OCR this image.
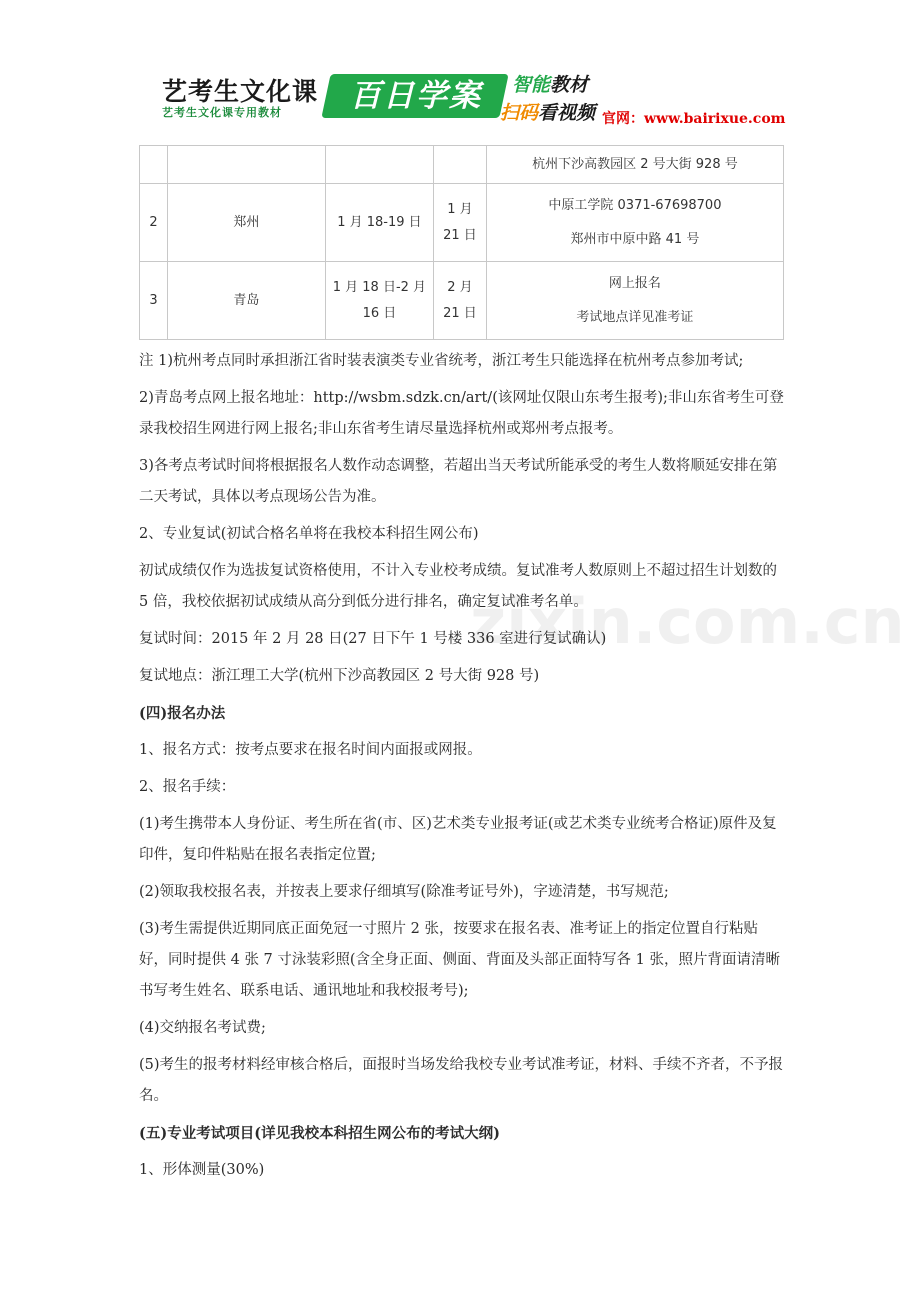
艺考生文化课
艺考生文化课专用教材	百日学案	智能教材
扫码看视频 官网：www.bairixue.com

				杭州下沙高教园区 2 号大街 928 号

2	郑州	1 月 18-19 日	1 月 21 日	中原工学院 0371-67698700
郑州市中原中路 41 号

3	青岛	1 月 18 日-2 月 16 日	2 月 21 日	网上报名
考试地点详见准考证

注 1)杭州考点同时承担浙江省时装表演类专业省统考，浙江考生只能选择在杭州考点参加考试;

2)青岛考点网上报名地址：http://wsbm.sdzk.cn/art/(该网址仅限山东考生报考);非山东省考生可登录我校招生网进行网上报名;非山东省考生请尽量选择杭州或郑州考点报考。

3)各考点考试时间将根据报名人数作动态调整，若超出当天考试所能承受的考生人数将顺延安排在第二天考试，具体以考点现场公告为准。

2、专业复试(初试合格名单将在我校本科招生网公布)

初试成绩仅作为选拔复试资格使用，不计入专业校考成绩。复试准考人数原则上不超过招生计划数的 5 倍，我校依据初试成绩从高分到低分进行排名，确定复试准考名单。

复试时间：2015 年 2 月 28 日(27 日下午 1 号楼 336 室进行复试确认)

复试地点：浙江理工大学(杭州下沙高教园区 2 号大街 928 号)

(四)报名办法

1、报名方式：按考点要求在报名时间内面报或网报。

2、报名手续：

(1)考生携带本人身份证、考生所在省(市、区)艺术类专业报考证(或艺术类专业统考合格证)原件及复印件，复印件粘贴在报名表指定位置;

(2)领取我校报名表，并按表上要求仔细填写(除准考证号外)，字迹清楚，书写规范;

(3)考生需提供近期同底正面免冠一寸照片 2 张，按要求在报名表、准考证上的指定位置自行粘贴好，同时提供 4 张 7 寸泳装彩照(含全身正面、侧面、背面及头部正面特写各 1 张，照片背面请清晰书写考生姓名、联系电话、通讯地址和我校报考号);

(4)交纳报名考试费;

(5)考生的报考材料经审核合格后，面报时当场发给我校专业考试准考证，材料、手续不齐者，不予报名。

(五)专业考试项目(详见我校本科招生网公布的考试大纲)

1、形体测量(30%)

zixin.com.cn
